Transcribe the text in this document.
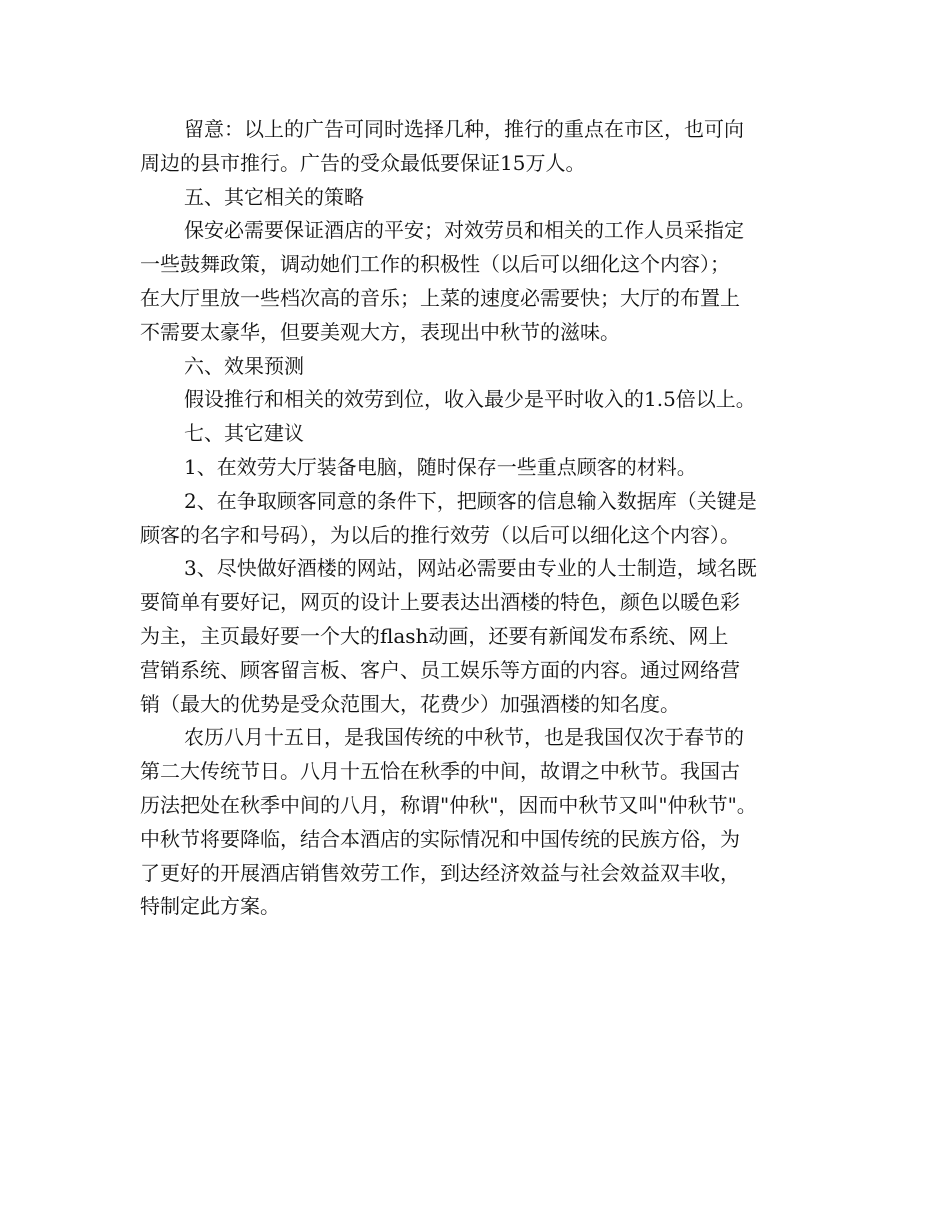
留意：以上的广告可同时选择几种，推行的重点在市区，也可向

周边的县市推行。广告的受众最低要保证15万人。

五、其它相关的策略

保安必需要保证酒店的平安；对效劳员和相关的工作人员采指定

一些鼓舞政策，调动她们工作的积极性（以后可以细化这个内容）；

在大厅里放一些档次高的音乐；上菜的速度必需要快；大厅的布置上

不需要太豪华，但要美观大方，表现出中秋节的滋味。

六、效果预测

假设推行和相关的效劳到位，收入最少是平时收入的1.5倍以上。

七、其它建议

1、在效劳大厅装备电脑，随时保存一些重点顾客的材料。

2、在争取顾客同意的条件下，把顾客的信息输入数据库（关键是

顾客的名字和号码），为以后的推行效劳（以后可以细化这个内容）。

3、尽快做好酒楼的网站，网站必需要由专业的人士制造，域名既

要简单有要好记，网页的设计上要表达出酒楼的特色，颜色以暖色彩

为主，主页最好要一个大的flash动画，还要有新闻发布系统、网上

营销系统、顾客留言板、客户、员工娱乐等方面的内容。通过网络营

销（最大的优势是受众范围大，花费少）加强酒楼的知名度。

农历八月十五日，是我国传统的中秋节，也是我国仅次于春节的

第二大传统节日。八月十五恰在秋季的中间，故谓之中秋节。我国古

历法把处在秋季中间的八月，称谓"仲秋"，因而中秋节又叫"仲秋节"。

中秋节将要降临，结合本酒店的实际情况和中国传统的民族方俗，为

了更好的开展酒店销售效劳工作，到达经济效益与社会效益双丰收，

特制定此方案。
